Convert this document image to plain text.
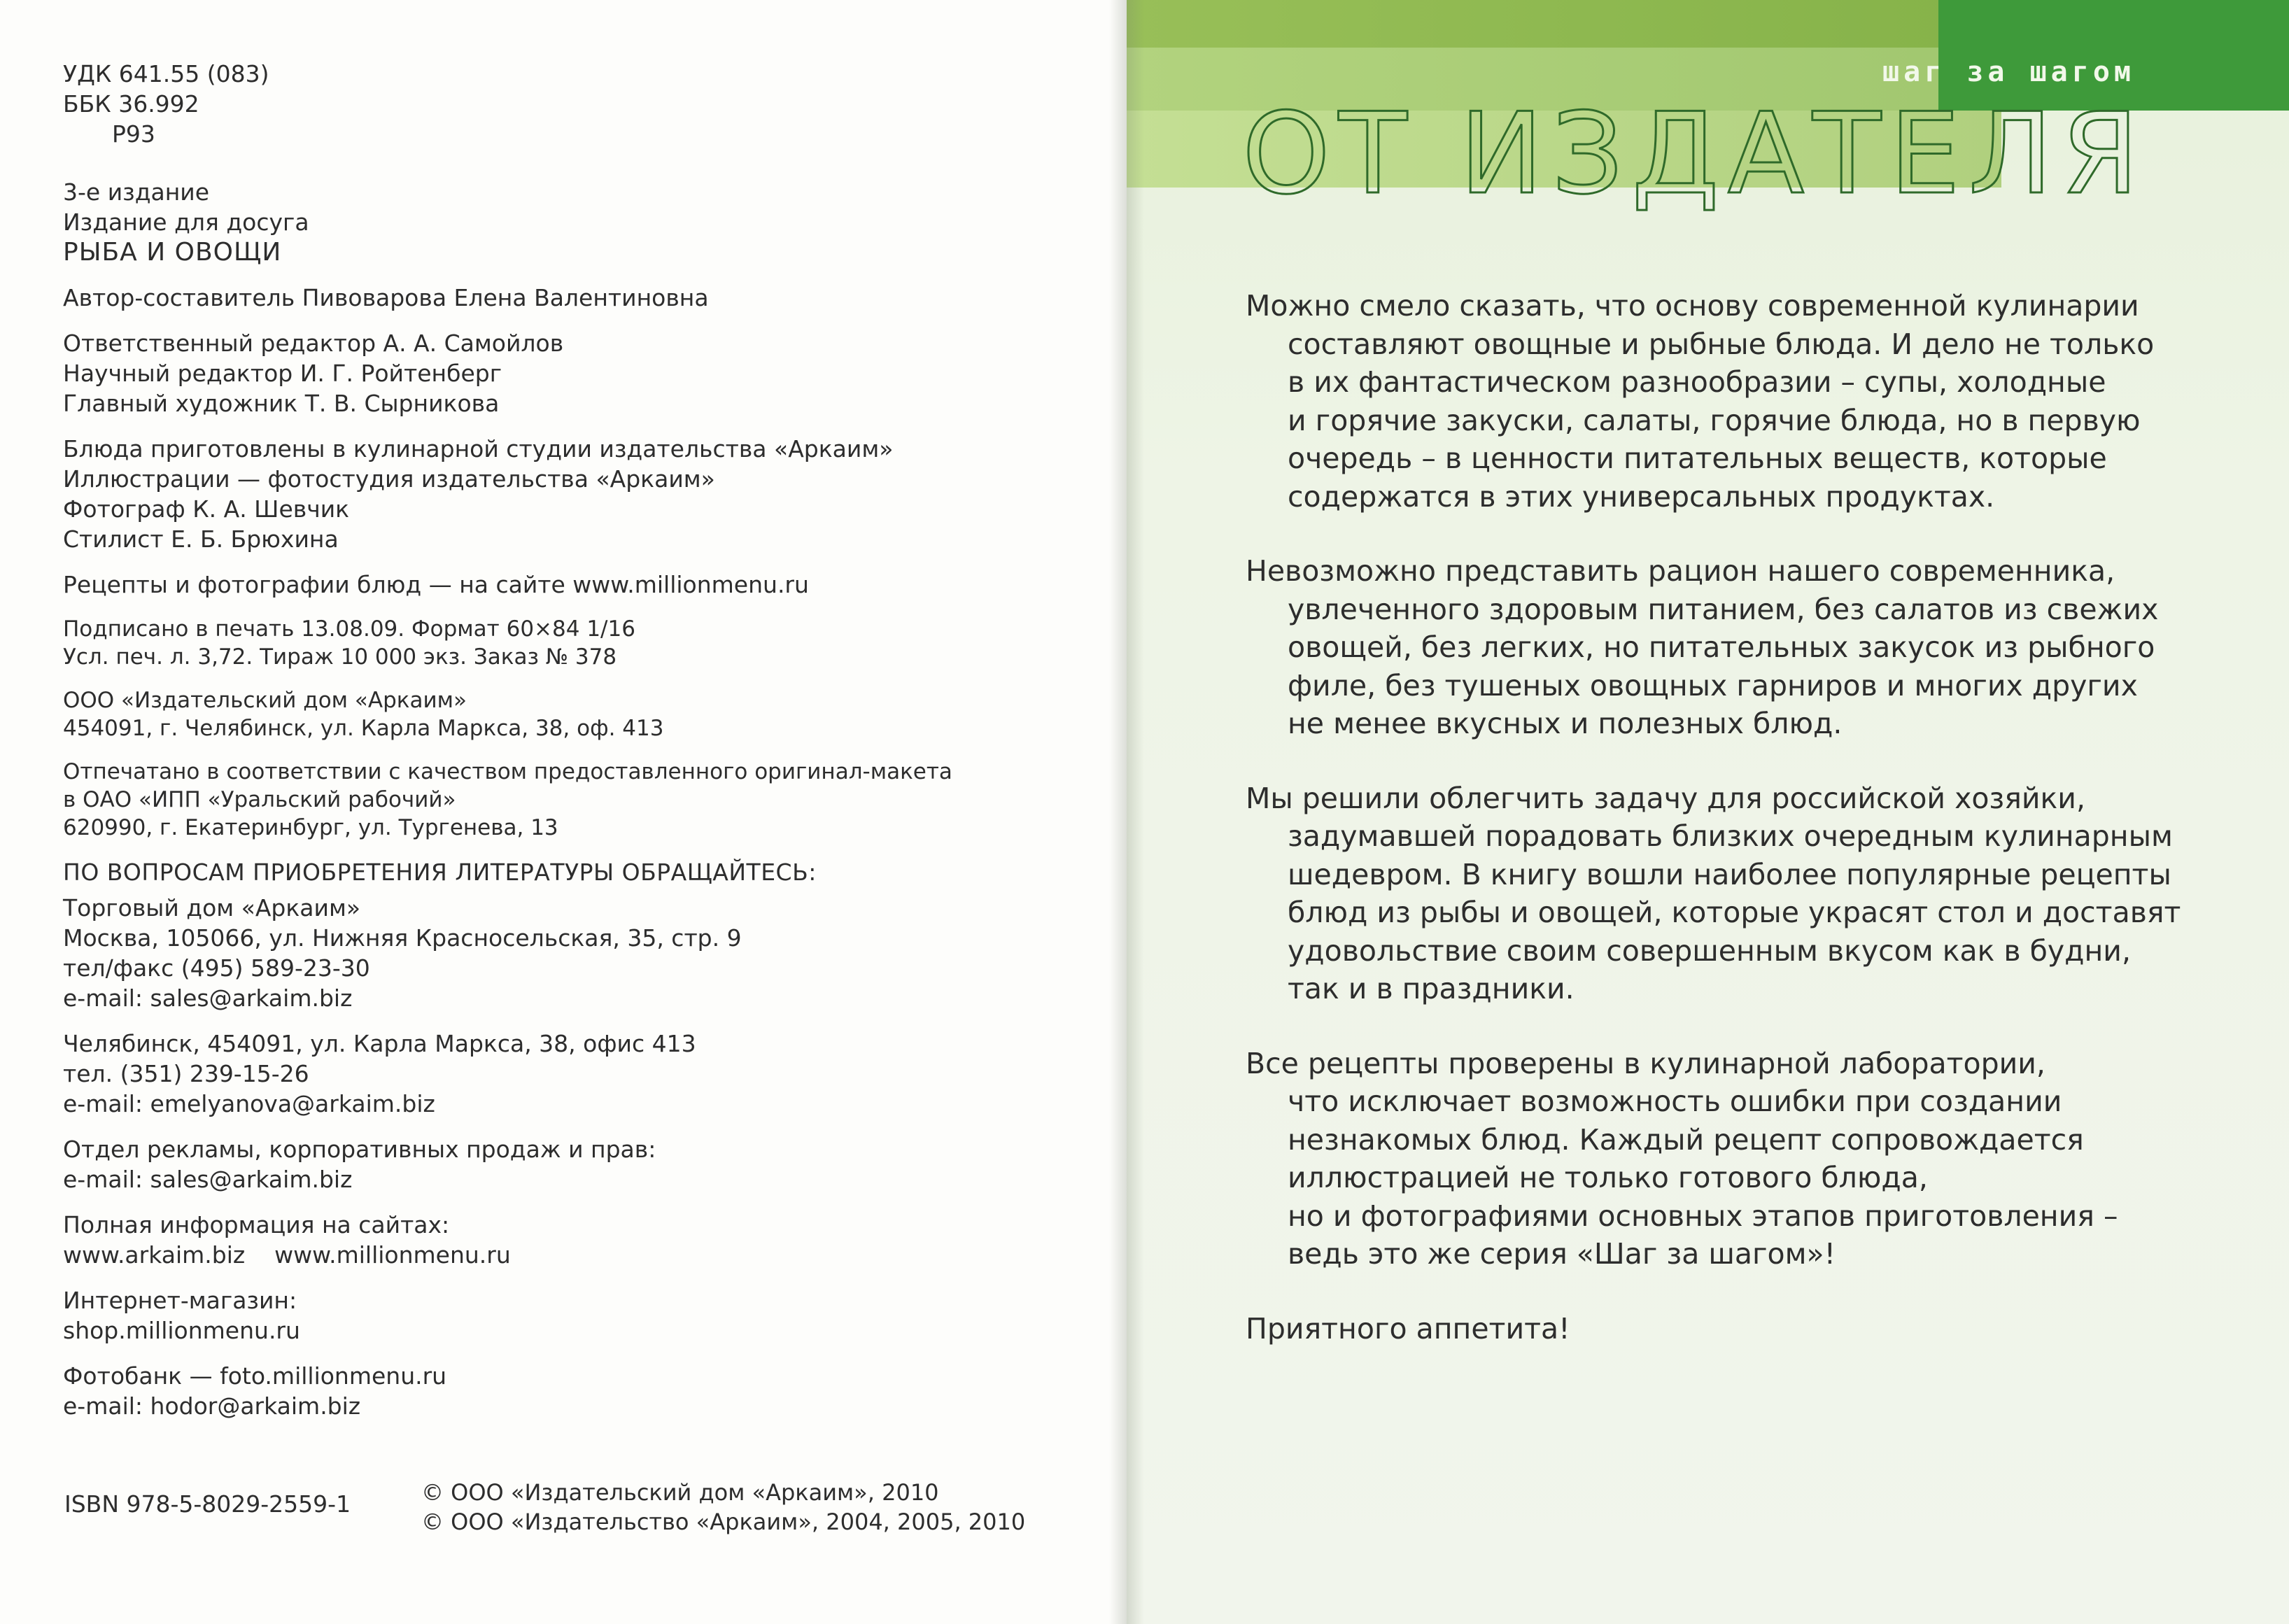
УДК 641.55 (083)
ББК 36.992
Р93
3-е издание
Издание для досуга
РЫБА И ОВОЩИ
Автор-составитель Пивоварова Елена Валентиновна
Ответственный редактор А. А. Самойлов
Научный редактор И. Г. Ройтенберг
Главный художник Т. В. Сырникова
Блюда приготовлены в кулинарной студии издательства «Аркаим»
Иллюстрации — фотостудия издательства «Аркаим»
Фотограф К. А. Шевчик
Стилист Е. Б. Брюхина
Рецепты и фотографии блюд — на сайте www.millionmenu.ru
Подписано в печать 13.08.09. Формат 60×84 1/16
Усл. печ. л. 3,72. Тираж 10 000 экз. Заказ № 378
ООО «Издательский дом «Аркаим»
454091, г. Челябинск, ул. Карла Маркса, 38, оф. 413
Отпечатано в соответствии с качеством предоставленного оригинал-макета
в ОАО «ИПП «Уральский рабочий»
620990, г. Екатеринбург, ул. Тургенева, 13
ПО ВОПРОСАМ ПРИОБРЕТЕНИЯ ЛИТЕРАТУРЫ ОБРАЩАЙТЕСЬ:
Торговый дом «Аркаим»
Москва, 105066, ул. Нижняя Красносельская, 35, стр. 9
тел/факс (495) 589-23-30
e-mail: sales@arkaim.biz
Челябинск, 454091, ул. Карла Маркса, 38, офис 413
тел. (351) 239-15-26
e-mail: emelyanova@arkaim.biz
Отдел рекламы, корпоративных продаж и прав:
e-mail: sales@arkaim.biz
Полная информация на сайтах:
www.arkaim.biz    www.millionmenu.ru
Интернет-магазин:
shop.millionmenu.ru
Фотобанк — foto.millionmenu.ru
e-mail: hodor@arkaim.biz
ISBN 978-5-8029-2559-1	© ООО «Издательский дом «Аркаим», 2010
© ООО «Издательство «Аркаим», 2004, 2005, 2010
шаг за шагом
ОТ ИЗДАТЕЛЯ
Можно смело сказать, что основу современной кулинарии
составляют овощные и рыбные блюда. И дело не только
в их фантастическом разнообразии – супы, холодные
и горячие закуски, салаты, горячие блюда, но в первую
очередь – в ценности питательных веществ, которые
содержатся в этих универсальных продуктах.
Невозможно представить рацион нашего современника,
увлеченного здоровым питанием, без салатов из свежих
овощей, без легких, но питательных закусок из рыбного
филе, без тушеных овощных гарниров и многих других
не менее вкусных и полезных блюд.
Мы решили облегчить задачу для российской хозяйки,
задумавшей порадовать близких очередным кулинарным
шедевром. В книгу вошли наиболее популярные рецепты
блюд из рыбы и овощей, которые украсят стол и доставят
удовольствие своим совершенным вкусом как в будни,
так и в праздники.
Все рецепты проверены в кулинарной лаборатории,
что исключает возможность ошибки при создании
незнакомых блюд. Каждый рецепт сопровождается
иллюстрацией не только готового блюда,
но и фотографиями основных этапов приготовления –
ведь это же серия «Шаг за шагом»!
Приятного аппетита!
